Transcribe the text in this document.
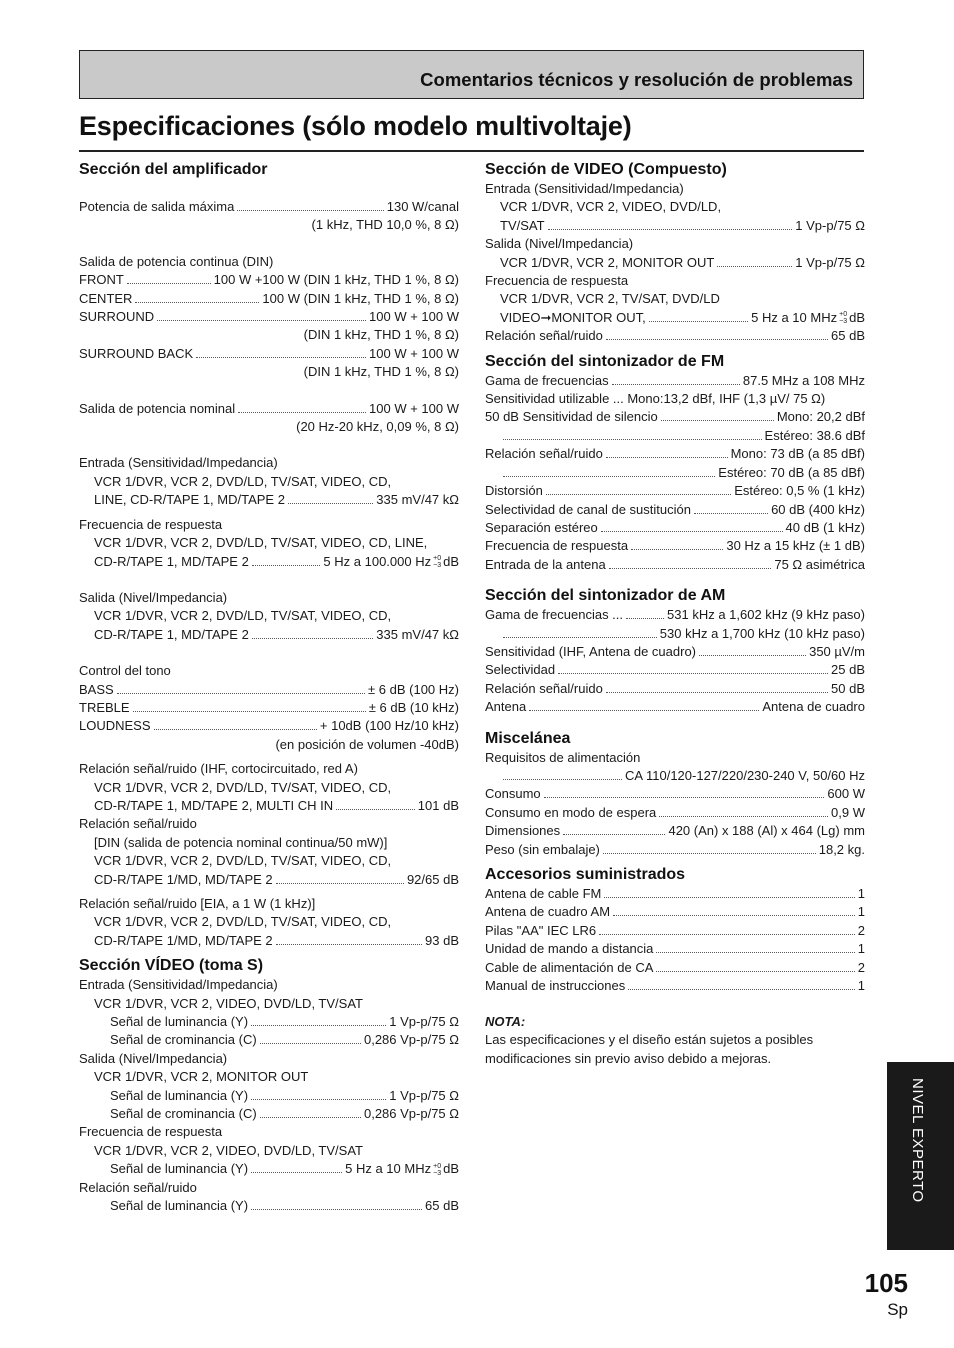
Comentarios técnicos y resolución de problemas
Especificaciones (sólo modelo multivoltaje)
Sección del amplificador
Potencia de salida máxima	130 W/canal
(1 kHz, THD 10,0 %, 8 Ω)
Salida de potencia continua (DIN)
FRONT	100 W +100 W (DIN 1 kHz, THD 1 %, 8 Ω)
CENTER	100 W (DIN 1 kHz, THD 1 %, 8 Ω)
SURROUND	100 W + 100 W
(DIN 1 kHz, THD 1 %, 8 Ω)
SURROUND BACK	100 W + 100 W
(DIN 1 kHz, THD 1 %, 8 Ω)
Salida de potencia nominal	100 W + 100 W
(20 Hz-20 kHz, 0,09 %, 8 Ω)
Entrada (Sensitividad/Impedancia)
VCR 1/DVR, VCR 2, DVD/LD, TV/SAT, VIDEO, CD,
LINE, CD-R/TAPE 1, MD/TAPE 2	335 mV/47 kΩ
Frecuencia de respuesta
VCR 1/DVR, VCR 2, DVD/LD, TV/SAT, VIDEO, CD, LINE,
CD-R/TAPE 1, MD/TAPE 2	5 Hz a 100.000 Hz +0
−3 dB
Salida (Nivel/Impedancia)
VCR 1/DVR, VCR 2, DVD/LD, TV/SAT, VIDEO, CD,
CD-R/TAPE 1, MD/TAPE 2	335 mV/47 kΩ
Control del tono
BASS	± 6 dB (100 Hz)
TREBLE	± 6 dB (10 kHz)
LOUDNESS	+ 10dB (100 Hz/10 kHz)
(en posición de volumen -40dB)
Relación señal/ruido (IHF, cortocircuitado, red A)
VCR 1/DVR, VCR 2, DVD/LD, TV/SAT, VIDEO, CD,
CD-R/TAPE 1, MD/TAPE 2, MULTI CH IN	101 dB
Relación señal/ruido
[DIN (salida de potencia nominal continua/50 mW)]
VCR 1/DVR, VCR 2, DVD/LD, TV/SAT, VIDEO, CD,
CD-R/TAPE 1/MD, MD/TAPE 2	92/65 dB
Relación señal/ruido [EIA, a 1 W (1 kHz)]
VCR 1/DVR, VCR 2, DVD/LD, TV/SAT, VIDEO, CD,
CD-R/TAPE 1/MD, MD/TAPE 2	93 dB
Sección VÍDEO (toma S)
Entrada (Sensitividad/Impedancia)
VCR 1/DVR, VCR 2, VIDEO, DVD/LD, TV/SAT
Señal de luminancia (Y)	1 Vp-p/75 Ω
Señal de crominancia (C)	0,286 Vp-p/75 Ω
Salida (Nivel/Impedancia)
VCR 1/DVR, VCR 2, MONITOR OUT
Señal de luminancia (Y)	1 Vp-p/75 Ω
Señal de crominancia (C)	0,286 Vp-p/75 Ω
Frecuencia de respuesta
VCR 1/DVR, VCR 2, VIDEO, DVD/LD, TV/SAT
Señal de luminancia (Y)	5 Hz a 10 MHz +0
−3 dB
Relación señal/ruido
Señal de luminancia (Y)	65 dB
Sección de VIDEO (Compuesto)
Entrada (Sensitividad/Impedancia)
VCR 1/DVR, VCR 2, VIDEO, DVD/LD,
TV/SAT	1 Vp-p/75 Ω
Salida (Nivel/Impedancia)
VCR 1/DVR, VCR 2, MONITOR OUT	1 Vp-p/75 Ω
Frecuencia de respuesta
VCR 1/DVR, VCR 2, TV/SAT, DVD/LD
VIDEO➞MONITOR OUT,	5 Hz a 10 MHz +0
−3 dB
Relación señal/ruido	65 dB
Sección del sintonizador de FM
Gama de frecuencias	87.5 MHz a 108 MHz
Sensitividad utilizable ... Mono:13,2 dBf, IHF (1,3 µV/ 75 Ω)
50 dB Sensitividad de silencio	Mono: 20,2 dBf
Estéreo: 38.6 dBf
Relación señal/ruido	Mono: 73 dB (a 85 dBf)
Estéreo: 70 dB (a 85 dBf)
Distorsión	Estéreo: 0,5 % (1 kHz)
Selectividad de canal de sustitución	60 dB (400 kHz)
Separación estéreo	40 dB (1 kHz)
Frecuencia de respuesta	30 Hz a 15 kHz (± 1 dB)
Entrada de la antena	75 Ω asimétrica
Sección del sintonizador de AM
Gama de frecuencias ...	531 kHz a 1,602 kHz (9 kHz paso)
530 kHz a 1,700 kHz (10 kHz paso)
Sensitividad (IHF, Antena de cuadro)	350 µV/m
Selectividad	25 dB
Relación señal/ruido	50 dB
Antena	Antena de cuadro
Miscelánea
Requisitos de alimentación
CA 110/120-127/220/230-240 V, 50/60 Hz
Consumo	600 W
Consumo en modo de espera	0,9 W
Dimensiones	420 (An) x 188 (Al) x 464 (Lg) mm
Peso (sin embalaje)	18,2 kg.
Accesorios suministrados
Antena de cable FM	1
Antena de cuadro AM	1
Pilas "AA" IEC LR6	2
Unidad de mando a distancia	1
Cable de alimentación de CA	2
Manual de instrucciones	1
NOTA:
Las especificaciones y el diseño están sujetos a posibles
modificaciones sin previo aviso debido a mejoras.
NIVEL EXPERTO
105
Sp
